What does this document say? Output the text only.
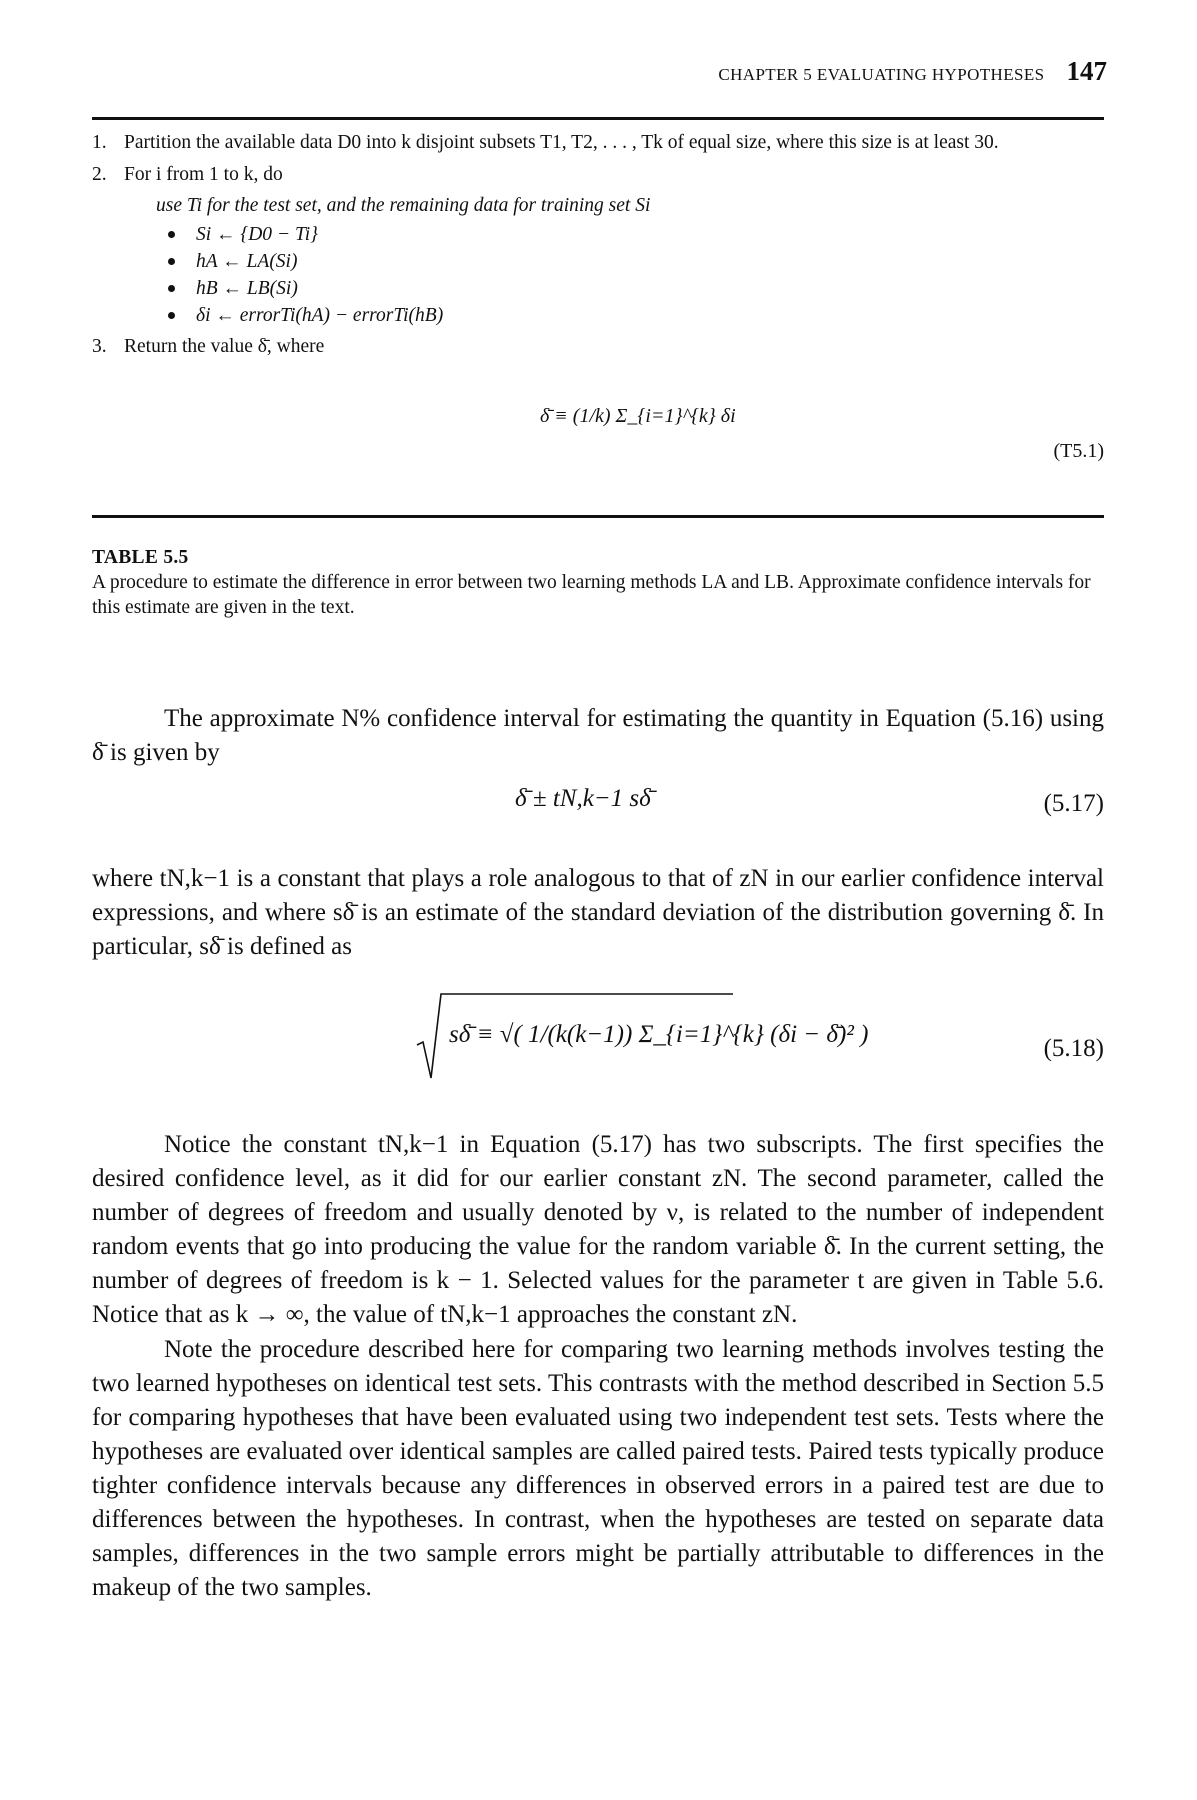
CHAPTER 5 EVALUATING HYPOTHESES 147
1. Partition the available data D0 into k disjoint subsets T1, T2, . . . , Tk of equal size, where this size is at least 30.
2. For i from 1 to k, do
use Ti for the test set, and the remaining data for training set Si
Si ← {D0 − Ti}
hA ← LA(Si)
hB ← LB(Si)
δi ← errorTi(hA) − errorTi(hB)
3. Return the value δ̄, where
δ̄ ≡ (1/k) Σ_{i=1}^{k} δi
(T5.1)
TABLE 5.5
A procedure to estimate the difference in error between two learning methods LA and LB. Approximate confidence intervals for this estimate are given in the text.
The approximate N% confidence interval for estimating the quantity in Equation (5.16) using δ̄ is given by
δ̄ ± tN,k−1 sδ̄	(5.17)
where tN,k−1 is a constant that plays a role analogous to that of zN in our earlier confidence interval expressions, and where sδ̄ is an estimate of the standard deviation of the distribution governing δ̄. In particular, sδ̄ is defined as
sδ̄ ≡ √( 1/(k(k−1)) Σ_{i=1}^{k} (δi − δ̄)² )
(5.18)
Notice the constant tN,k−1 in Equation (5.17) has two subscripts. The first specifies the desired confidence level, as it did for our earlier constant zN. The second parameter, called the number of degrees of freedom and usually denoted by ν, is related to the number of independent random events that go into producing the value for the random variable δ̄. In the current setting, the number of degrees of freedom is k − 1. Selected values for the parameter t are given in Table 5.6. Notice that as k → ∞, the value of tN,k−1 approaches the constant zN.
Note the procedure described here for comparing two learning methods involves testing the two learned hypotheses on identical test sets. This contrasts with the method described in Section 5.5 for comparing hypotheses that have been evaluated using two independent test sets. Tests where the hypotheses are evaluated over identical samples are called paired tests. Paired tests typically produce tighter confidence intervals because any differences in observed errors in a paired test are due to differences between the hypotheses. In contrast, when the hypotheses are tested on separate data samples, differences in the two sample errors might be partially attributable to differences in the makeup of the two samples.
